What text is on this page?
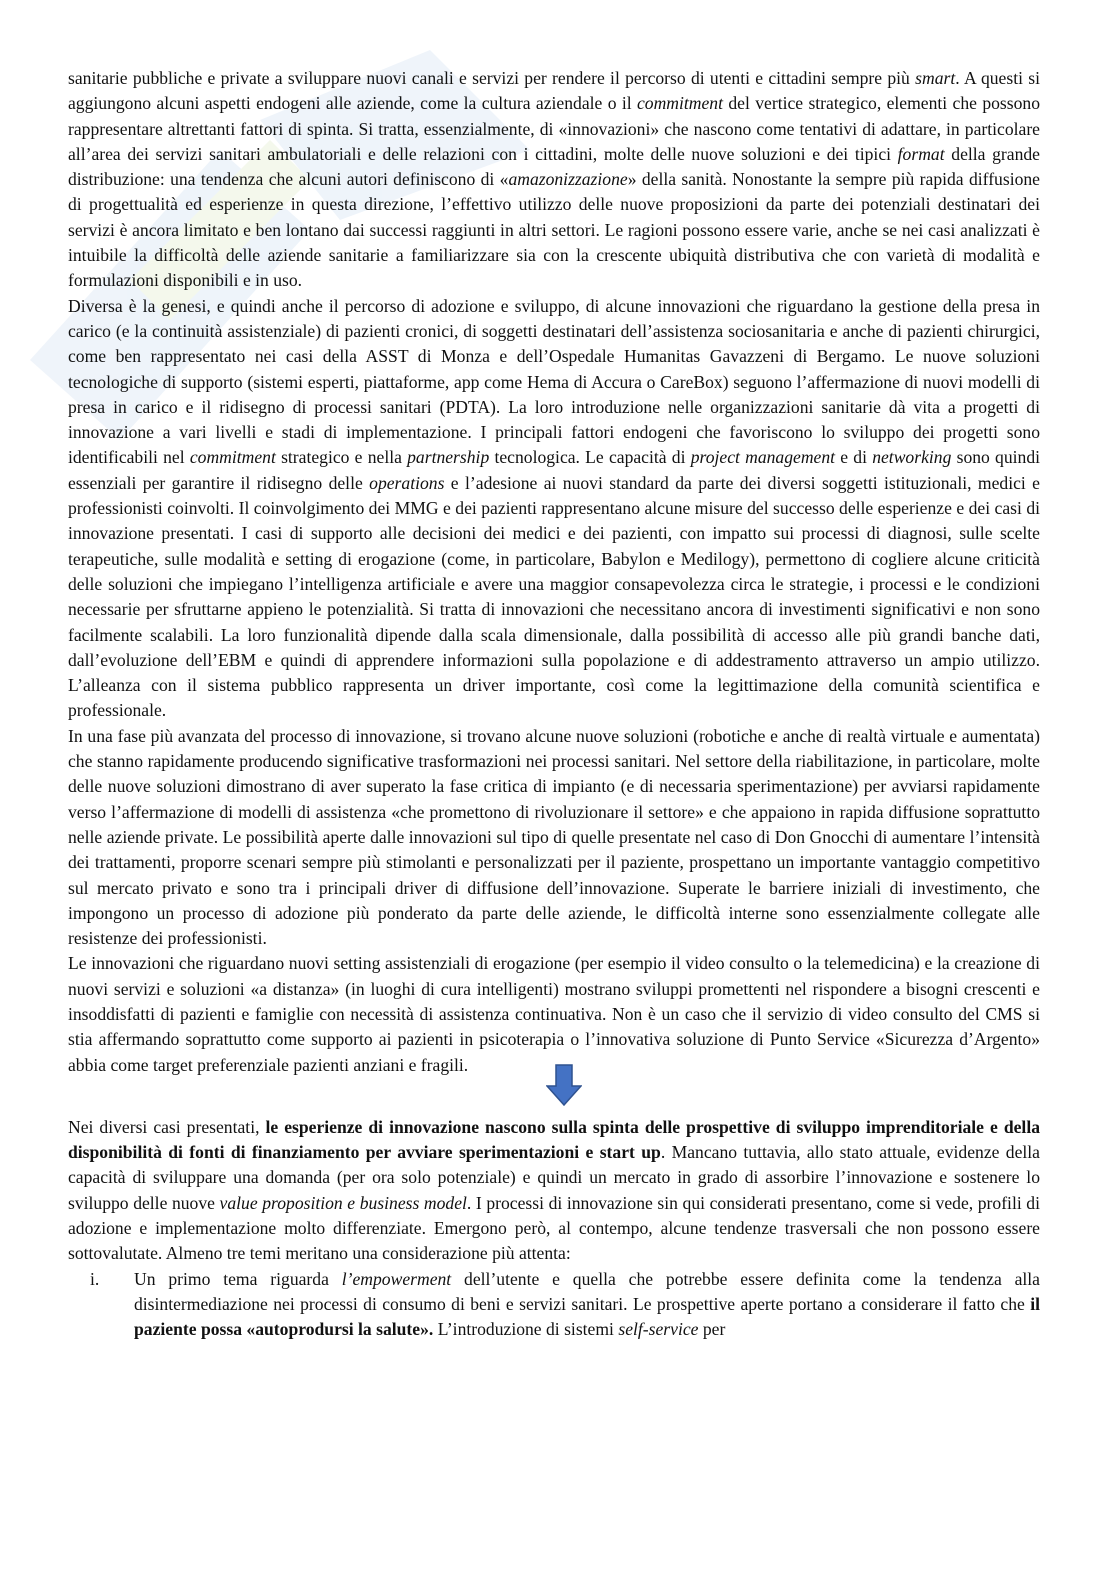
sanitarie pubbliche e private a sviluppare nuovi canali e servizi per rendere il percorso di utenti e cittadini sempre più smart. A questi si aggiungono alcuni aspetti endogeni alle aziende, come la cultura aziendale o il commitment del vertice strategico, elementi che possono rappresentare altrettanti fattori di spinta. Si tratta, essenzialmente, di «innovazioni» che nascono come tentativi di adattare, in particolare all’area dei servizi sanitari ambulatoriali e delle relazioni con i cittadini, molte delle nuove soluzioni e dei tipici format della grande distribuzione: una tendenza che alcuni autori definiscono di «amazonizzazione» della sanità. Nonostante la sempre più rapida diffusione di progettualità ed esperienze in questa direzione, l’effettivo utilizzo delle nuove proposizioni da parte dei potenziali destinatari dei servizi è ancora limitato e ben lontano dai successi raggiunti in altri settori. Le ragioni possono essere varie, anche se nei casi analizzati è intuibile la difficoltà delle aziende sanitarie a familiarizzare sia con la crescente ubiquità distributiva che con varietà di modalità e formulazioni disponibili e in uso.

Diversa è la genesi, e quindi anche il percorso di adozione e sviluppo, di alcune innovazioni che riguardano la gestione della presa in carico (e la continuità assistenziale) di pazienti cronici, di soggetti destinatari dell’assistenza sociosanitaria e anche di pazienti chirurgici, come ben rappresentato nei casi della ASST di Monza e dell’Ospedale Humanitas Gavazzeni di Bergamo. Le nuove soluzioni tecnologiche di supporto (sistemi esperti, piattaforme, app come Hema di Accura o CareBox) seguono l’affermazione di nuovi modelli di presa in carico e il ridisegno di processi sanitari (PDTA). La loro introduzione nelle organizzazioni sanitarie dà vita a progetti di innovazione a vari livelli e stadi di implementazione. I principali fattori endogeni che favoriscono lo sviluppo dei progetti sono identificabili nel commitment strategico e nella partnership tecnologica. Le capacità di project management e di networking sono quindi essenziali per garantire il ridisegno delle operations e l’adesione ai nuovi standard da parte dei diversi soggetti istituzionali, medici e professionisti coinvolti. Il coinvolgimento dei MMG e dei pazienti rappresentano alcune misure del successo delle esperienze e dei casi di innovazione presentati. I casi di supporto alle decisioni dei medici e dei pazienti, con impatto sui processi di diagnosi, sulle scelte terapeutiche, sulle modalità e setting di erogazione (come, in particolare, Babylon e Medilogy), permettono di cogliere alcune criticità delle soluzioni che impiegano l’intelligenza artificiale e avere una maggior consapevolezza circa le strategie, i processi e le condizioni necessarie per sfruttarne appieno le potenzialità. Si tratta di innovazioni che necessitano ancora di investimenti significativi e non sono facilmente scalabili. La loro funzionalità dipende dalla scala dimensionale, dalla possibilità di accesso alle più grandi banche dati, dall’evoluzione dell’EBM e quindi di apprendere informazioni sulla popolazione e di addestramento attraverso un ampio utilizzo. L’alleanza con il sistema pubblico rappresenta un driver importante, così come la legittimazione della comunità scientifica e professionale.

In una fase più avanzata del processo di innovazione, si trovano alcune nuove soluzioni (robotiche e anche di realtà virtuale e aumentata) che stanno rapidamente producendo significative trasformazioni nei processi sanitari. Nel settore della riabilitazione, in particolare, molte delle nuove soluzioni dimostrano di aver superato la fase critica di impianto (e di necessaria sperimentazione) per avviarsi rapidamente verso l’affermazione di modelli di assistenza «che promettono di rivoluzionare il settore» e che appaiono in rapida diffusione soprattutto nelle aziende private. Le possibilità aperte dalle innovazioni sul tipo di quelle presentate nel caso di Don Gnocchi di aumentare l’intensità dei trattamenti, proporre scenari sempre più stimolanti e personalizzati per il paziente, prospettano un importante vantaggio competitivo sul mercato privato e sono tra i principali driver di diffusione dell’innovazione. Superate le barriere iniziali di investimento, che impongono un processo di adozione più ponderato da parte delle aziende, le difficoltà interne sono essenzialmente collegate alle resistenze dei professionisti.

Le innovazioni che riguardano nuovi setting assistenziali di erogazione (per esempio il video consulto o la telemedicina) e la creazione di nuovi servizi e soluzioni «a distanza» (in luoghi di cura intelligenti) mostrano sviluppi promettenti nel rispondere a bisogni crescenti e insoddisfatti di pazienti e famiglie con necessità di assistenza continuativa. Non è un caso che il servizio di video consulto del CMS si stia affermando soprattutto come supporto ai pazienti in psicoterapia o l’innovativa soluzione di Punto Service «Sicurezza d’Argento» abbia come target preferenziale pazienti anziani e fragili.

Nei diversi casi presentati, le esperienze di innovazione nascono sulla spinta delle prospettive di sviluppo imprenditoriale e della disponibilità di fonti di finanziamento per avviare sperimentazioni e start up. Mancano tuttavia, allo stato attuale, evidenze della capacità di sviluppare una domanda (per ora solo potenziale) e quindi un mercato in grado di assorbire l’innovazione e sostenere lo sviluppo delle nuove value proposition e business model. I processi di innovazione sin qui considerati presentano, come si vede, profili di adozione e implementazione molto differenziate. Emergono però, al contempo, alcune tendenze trasversali che non possono essere sottovalutate. Almeno tre temi meritano una considerazione più attenta:

i. Un primo tema riguarda l’empowerment dell’utente e quella che potrebbe essere definita come la tendenza alla disintermediazione nei processi di consumo di beni e servizi sanitari. Le prospettive aperte portano a considerare il fatto che il paziente possa «autoprodursi la salute». L’introduzione di sistemi self-service per
